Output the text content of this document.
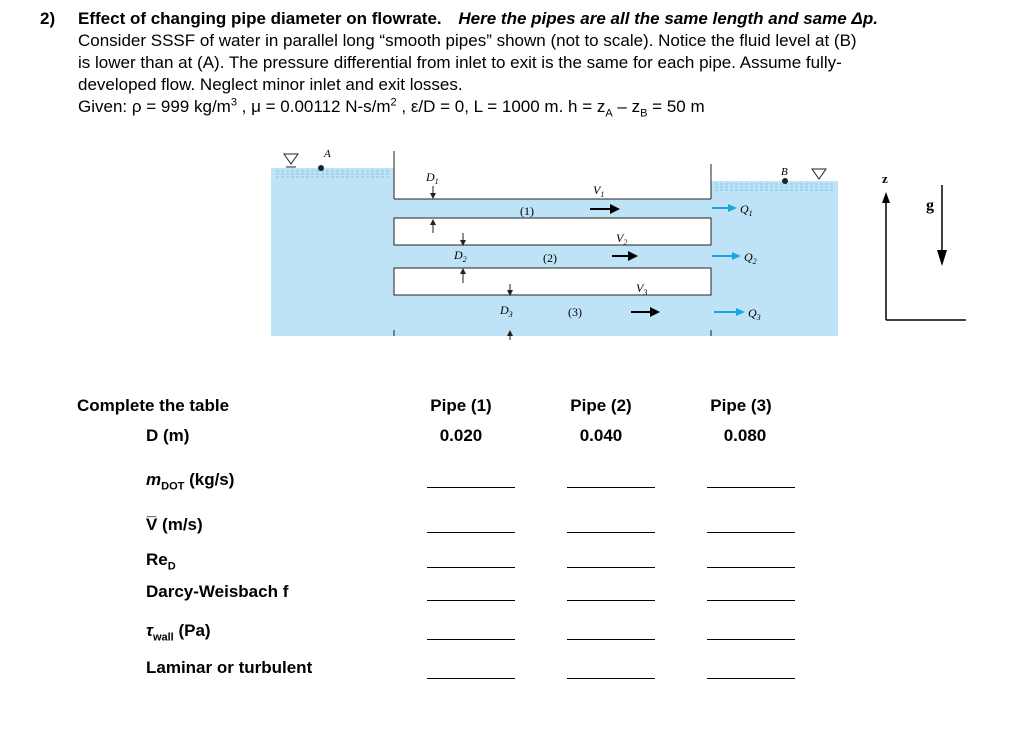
2) Effect of changing pipe diameter on flowrate. Here the pipes are all the same length and same Δp.
Consider SSSF of water in parallel long “smooth pipes” shown (not to scale). Notice the fluid level at (B)
is lower than at (A). The pressure differential from inlet to exit is the same for each pipe. Assume fully-
developed flow. Neglect minor inlet and exit losses.
Given: ρ = 999 $kg/m^3$ , μ = 0.00112 $N-s/m^2$ , ε/D = 0, L = 1000 m. $h = z_A - z_B = 50$ m
A
B
$D_1$
$D_2$
$D_3$
(1)
(2)
(3)
$V_1$
$V_2$
$V_3$
$Q_1$
$Q_2$
$Q_3$
z
g
Complete the table	Pipe (1)	Pipe (2)	Pipe (3)
D (m)	0.020	0.040	0.080
$m_{DOT}$ (kg/s)
V̅ (m/s)
$Re_D$
Darcy-Weisbach f
$\tau_{wall}$ (Pa)
Laminar or turbulent
